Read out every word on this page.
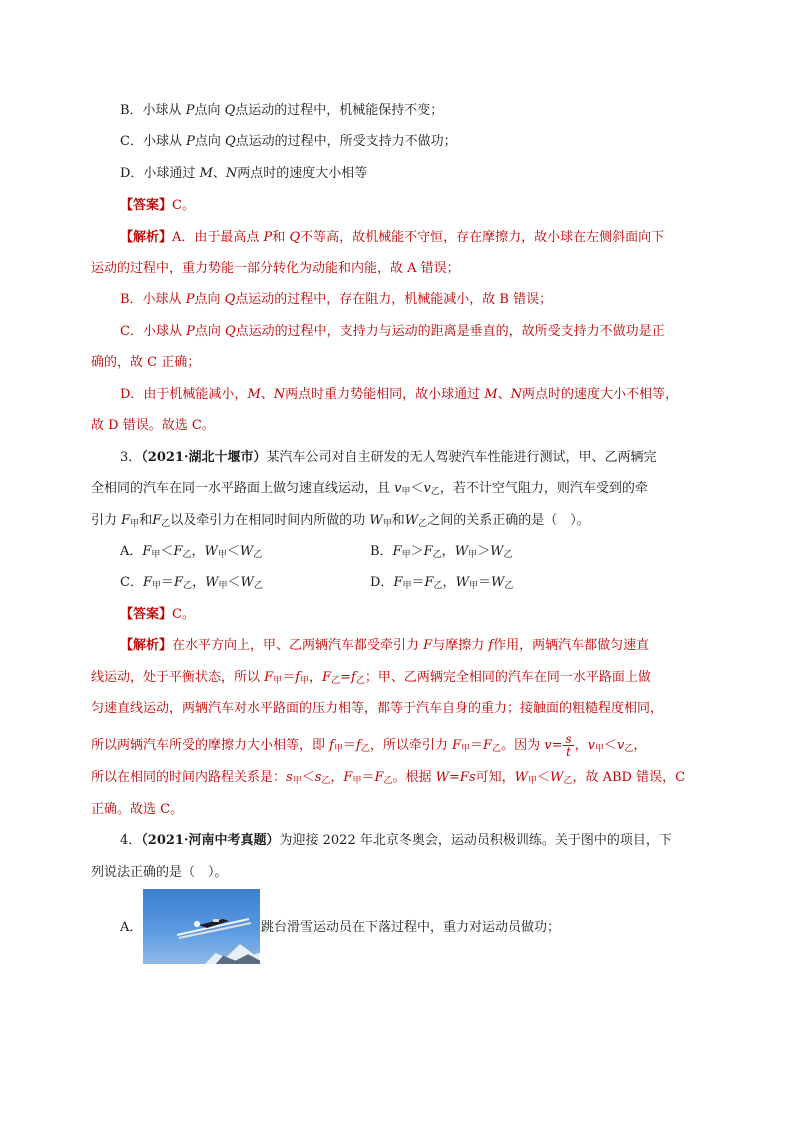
B．小球从 P点向 Q点运动的过程中，机械能保持不变；
C．小球从 P点向 Q点运动的过程中，所受支持力不做功；
D．小球通过 M、N两点时的速度大小相等
【答案】C。
【解析】A．由于最高点 P和 Q不等高，故机械能不守恒，存在摩擦力，故小球在左侧斜面向下
运动的过程中，重力势能一部分转化为动能和内能，故 A 错误；
B．小球从 P点向 Q点运动的过程中，存在阻力，机械能减小，故 B 错误；
C．小球从 P点向 Q点运动的过程中，支持力与运动的距离是垂直的，故所受支持力不做功是正
确的，故 C 正确；
D．由于机械能减小，M、N两点时重力势能相同，故小球通过 M、N两点时的速度大小不相等，
故 D 错误。故选 C。
3．（2021·湖北十堰市）某汽车公司对自主研发的无人驾驶汽车性能进行测试，甲、乙两辆完
全相同的汽车在同一水平路面上做匀速直线运动，且 $v_甲<v_乙$，若不计空气阻力，则汽车受到的牵
引力 $F_甲$和$F_乙$以及牵引力在相同时间内所做的功 $W_甲$和$W_乙$之间的关系正确的是（　）。
A．$F_甲<F_乙$，$W_甲<W_乙$	B．$F_甲>F_乙$，$W_甲>W_乙$
C．$F_甲=F_乙$，$W_甲<W_乙$	D．$F_甲=F_乙$，$W_甲=W_乙$
【答案】C。
【解析】在水平方向上，甲、乙两辆汽车都受牵引力 F与摩擦力 f作用，两辆汽车都做匀速直
线运动，处于平衡状态，所以 $F_甲=f_甲$，$F_乙=f_乙$；甲、乙两辆完全相同的汽车在同一水平路面上做
匀速直线运动，两辆汽车对水平路面的压力相等，都等于汽车自身的重力；接触面的粗糙程度相同，
所以两辆汽车所受的摩擦力大小相等，即 $f_甲=f_乙$，所以牵引力 $F_甲=F_乙$。因为 $v= \frac{s}{t}$ ，$v_甲<v_乙$，
所以在相同的时间内路程关系是：$s_甲<s_乙$，$F_甲=F_乙$。根据 W=Fs可知，$W_甲<W_乙$，故 ABD 错误，C
正确。故选 C。
4．（2021·河南中考真题）为迎接 2022 年北京冬奥会，运动员积极训练。关于图中的项目，下
列说法正确的是（　）。
A．	跳台滑雪运动员在下落过程中，重力对运动员做功；
